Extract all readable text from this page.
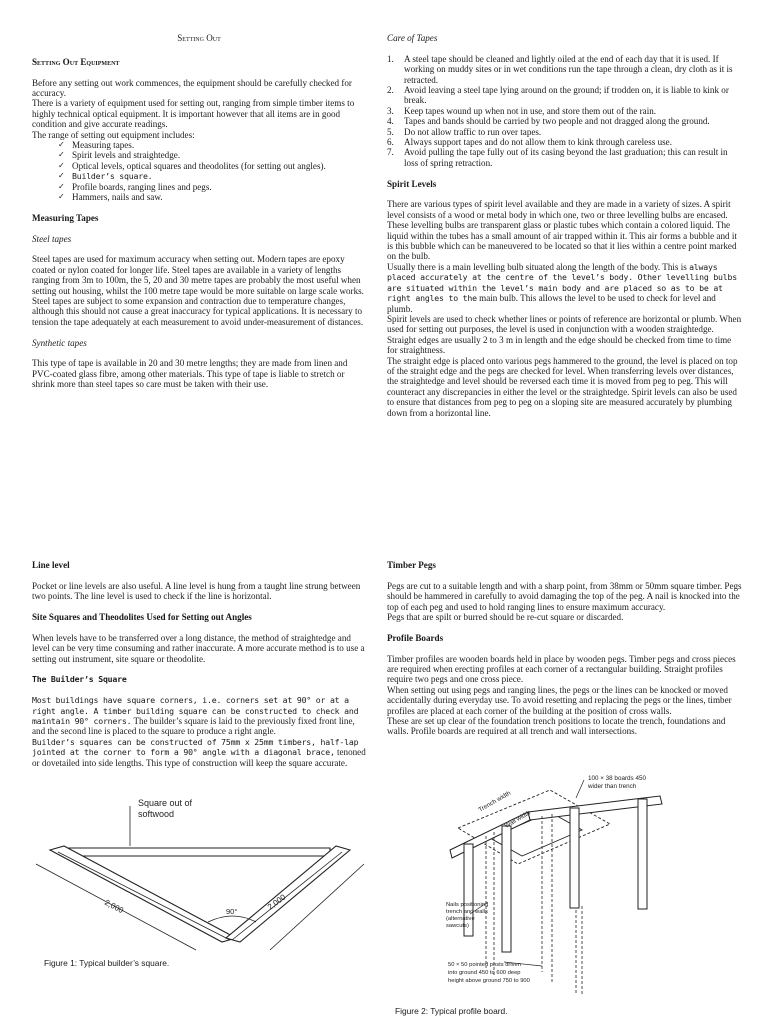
Setting Out

Setting Out Equipment

Before any setting out work commences, the equipment should be carefully checked for accuracy.

There is a variety of equipment used for setting out, ranging from simple timber items to highly technical optical equipment. It is important however that all items are in good condition and give accurate readings.

The range of setting out equipment includes:

✓ Measuring tapes.
✓ Spirit levels and straightedge.
✓ Optical levels, optical squares and theodolites (for setting out angles).
✓ Builder’s square.
✓ Profile boards, ranging lines and pegs.
✓ Hammers, nails and saw.

Measuring Tapes

Steel tapes

Steel tapes are used for maximum accuracy when setting out. Modern tapes are epoxy coated or nylon coated for longer life. Steel tapes are available in a variety of lengths ranging from 3m to 100m, the 5, 20 and 30 metre tapes are probably the most useful when setting out housing, whilst the 100 metre tape would be more suitable on large scale works.

Steel tapes are subject to some expansion and contraction due to temperature changes, although this should not cause a great inaccuracy for typical applications. It is necessary to tension the tape adequately at each measurement to avoid under-measurement of distances.

Synthetic tapes

This type of tape is available in 20 and 30 metre lengths; they are made from linen and PVC-coated glass fibre, among other materials. This type of tape is liable to stretch or shrink more than steel tapes so care must be taken with their use.

Care of Tapes

1. A steel tape should be cleaned and lightly oiled at the end of each day that it is used. If working on muddy sites or in wet conditions run the tape through a clean, dry cloth as it is retracted.
2. Avoid leaving a steel tape lying around on the ground; if trodden on, it is liable to kink or break.
3. Keep tapes wound up when not in use, and store them out of the rain.
4. Tapes and bands should be carried by two people and not dragged along the ground.
5. Do not allow traffic to run over tapes.
6. Always support tapes and do not allow them to kink through careless use.
7. Avoid pulling the tape fully out of its casing beyond the last graduation; this can result in loss of spring retraction.

Spirit Levels

There are various types of spirit level available and they are made in a variety of sizes. A spirit level consists of a wood or metal body in which one, two or three levelling bulbs are encased. These levelling bulbs are transparent glass or plastic tubes which contain a colored liquid. The liquid within the tubes has a small amount of air trapped within it. This air forms a bubble and it is this bubble which can be maneuvered to be located so that it lies within a centre point marked on the bulb.

Usually there is a main levelling bulb situated along the length of the body. This is always placed accurately at the centre of the level’s body. Other levelling bulbs are situated within the level’s main body and are placed so as to be at right angles to the main bulb. This allows the level to be used to check for level and plumb.

Spirit levels are used to check whether lines or points of reference are horizontal or plumb. When used for setting out purposes, the level is used in conjunction with a wooden straightedge. Straight edges are usually 2 to 3 m in length and the edge should be checked from time to time for straightness.

The straight edge is placed onto various pegs hammered to the ground, the level is placed on top of the straight edge and the pegs are checked for level. When transferring levels over distances, the straightedge and level should be reversed each time it is moved from peg to peg. This will counteract any discrepancies in either the level or the straightedge. Spirit levels can also be used to ensure that distances from peg to peg on a sloping site are measured accurately by plumbing down from a horizontal line.

Line level

Pocket or line levels are also useful. A line level is hung from a taught line strung between two points. The line level is used to check if the line is horizontal.

Site Squares and Theodolites Used for Setting out Angles

When levels have to be transferred over a long distance, the method of straightedge and level can be very time consuming and rather inaccurate. A more accurate method is to use a setting out instrument, site square or theodolite.

The Builder’s Square

Most buildings have square corners, i.e. corners set at 90° or at a right angle. A timber building square can be constructed to check and maintain 90° corners. The builder’s square is laid to the previously fixed front line, and the second line is placed to the square to produce a right angle.

Builder’s squares can be constructed of 75mm x 25mm timbers, half-lap jointed at the corner to form a 90° angle with a diagonal brace, tenoned or dovetailed into side lengths. This type of construction will keep the square accurate.

Square out of
softwood
2,000	2,000
90°
Figure 1: Typical builder’s square.

Timber Pegs

Pegs are cut to a suitable length and with a sharp point, from 38mm or 50mm square timber. Pegs should be hammered in carefully to avoid damaging the top of the peg. A nail is knocked into the top of each peg and used to hold ranging lines to ensure maximum accuracy.

Pegs that are spilt or burred should be re-cut square or discarded.

Profile Boards

Timber profiles are wooden boards held in place by wooden pegs. Timber pegs and cross pieces are required when erecting profiles at each corner of a rectangular building. Straight profiles require two pegs and one cross piece.

When setting out using pegs and ranging lines, the pegs or the lines can be knocked or moved accidentally during everyday use. To avoid resetting and replacing the pegs or the lines, timber profiles are placed at each corner of the building at the position of cross walls.

These are set up clear of the foundation trench positions to locate the trench, foundations and walls. Profile boards are required at all trench and wall intersections.

100 × 38 boards 450
wider than trench
Trench width
Wall width
Nails positioning
trench and walls
(alternative
sawcuts)
50 × 50 pointed posts driven
into ground 450 to 600 deep
height above ground 750 to 900
Figure 2: Typical profile board.
